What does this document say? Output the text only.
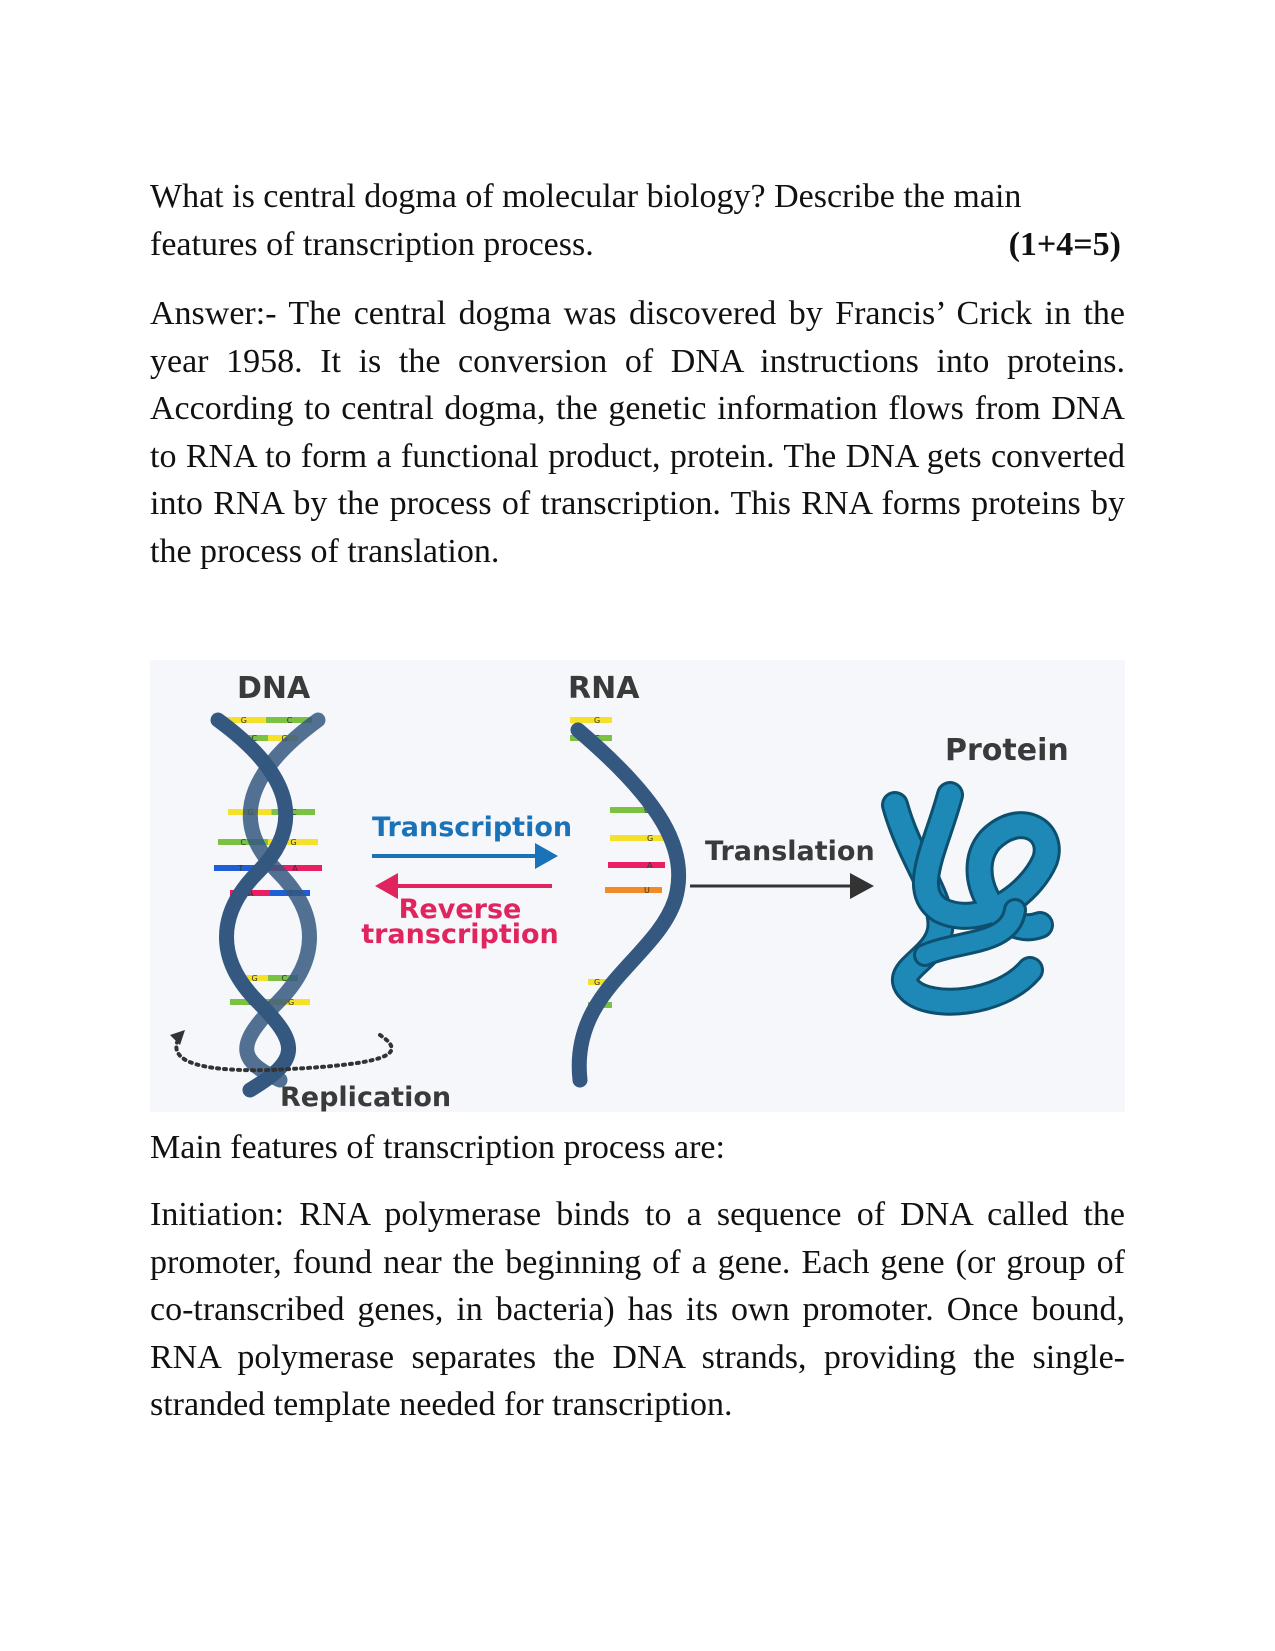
What is central dogma of molecular biology? Describe the main
features of transcription process.	(1+4=5)
Answer:- The central dogma was discovered by Francis’ Crick in the year 1958. It is the conversion of DNA instructions into proteins. According to central dogma, the genetic information flows from DNA to RNA to form a functional product, protein. The DNA gets converted into RNA by the process of transcription. This RNA forms proteins by the process of translation.
G	C
C	G
G	C
C	G
T	A
A	T
G	C
C	G
DNA	RNA
Protein
G
C
C
G
A
U
G
C
Transcription
Reverse
transcription
Translation
Replication
Main features of transcription process are:
Initiation: RNA polymerase binds to a sequence of DNA called the promoter, found near the beginning of a gene. Each gene (or group of co-transcribed genes, in bacteria) has its own promoter. Once bound, RNA polymerase separates the DNA strands, providing the single-stranded template needed for transcription.
